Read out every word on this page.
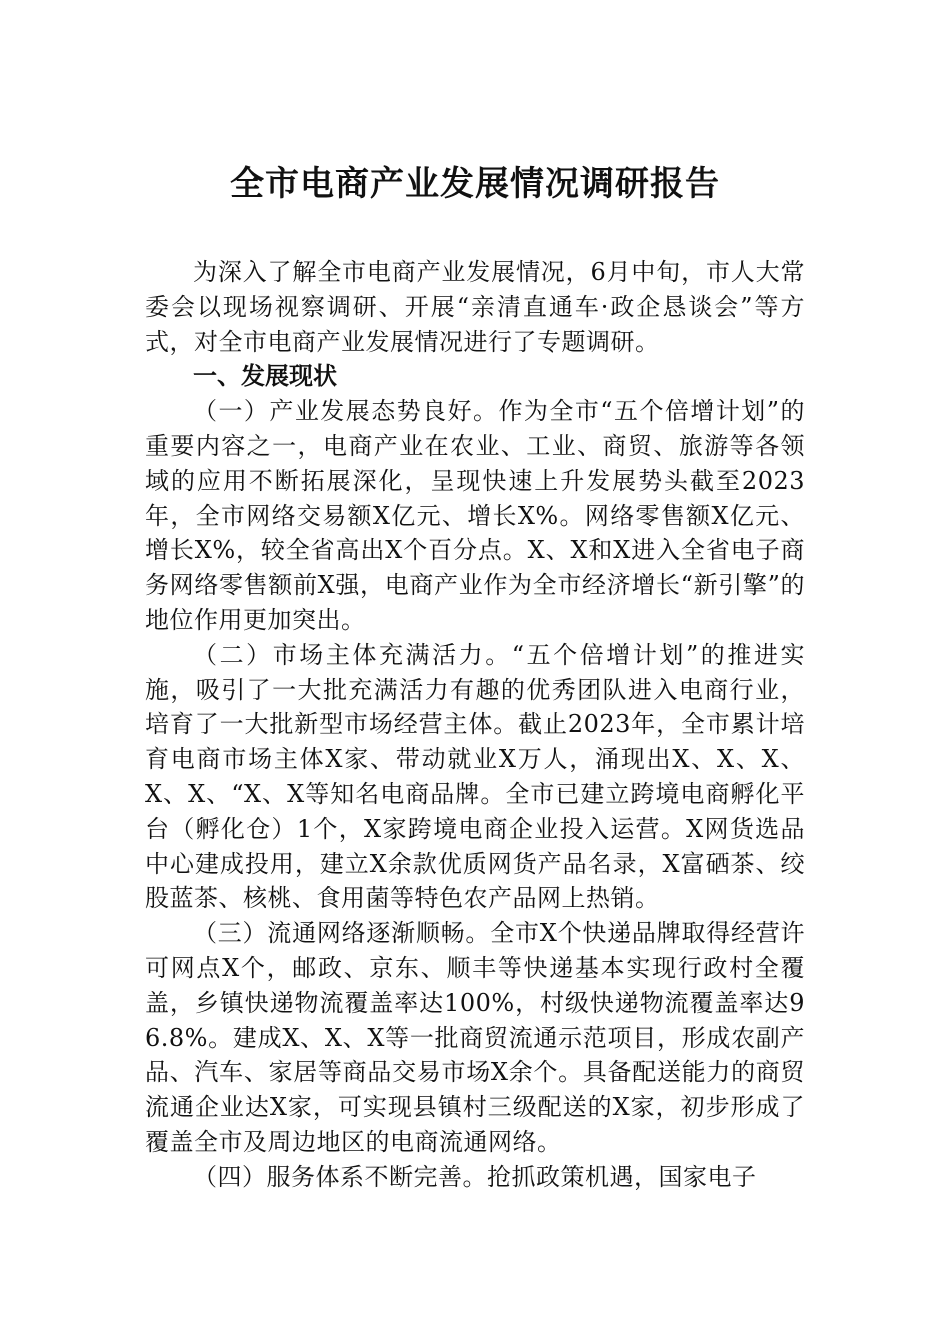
全市电商产业发展情况调研报告

为深入了解全市电商产业发展情况，6月中旬，市人大常委会以现场视察调研、开展“亲清直通车·政企恳谈会”等方式，对全市电商产业发展情况进行了专题调研。

一、发展现状

（一）产业发展态势良好。作为全市“五个倍增计划”的重要内容之一，电商产业在农业、工业、商贸、旅游等各领域的应用不断拓展深化，呈现快速上升发展势头截至2023年，全市网络交易额X亿元、增长X%。网络零售额X亿元、增长X%，较全省高出X个百分点。X、X和X进入全省电子商务网络零售额前X强，电商产业作为全市经济增长“新引擎”的地位作用更加突出。

（二）市场主体充满活力。“五个倍增计划”的推进实施，吸引了一大批充满活力有趣的优秀团队进入电商行业，培育了一大批新型市场经营主体。截止2023年，全市累计培育电商市场主体X家、带动就业X万人，涌现出X、X、X、X、X、“X、X等知名电商品牌。全市已建立跨境电商孵化平台（孵化仓）1个，X家跨境电商企业投入运营。X网货选品中心建成投用，建立X余款优质网货产品名录，X富硒茶、绞股蓝茶、核桃、食用菌等特色农产品网上热销。

（三）流通网络逐渐顺畅。全市X个快递品牌取得经营许可网点X个，邮政、京东、顺丰等快递基本实现行政村全覆盖，乡镇快递物流覆盖率达100%，村级快递物流覆盖率达96.8%。建成X、X、X等一批商贸流通示范项目，形成农副产品、汽车、家居等商品交易市场X余个。具备配送能力的商贸流通企业达X家，可实现县镇村三级配送的X家，初步形成了覆盖全市及周边地区的电商流通网络。

（四）服务体系不断完善。抢抓政策机遇，国家电子
